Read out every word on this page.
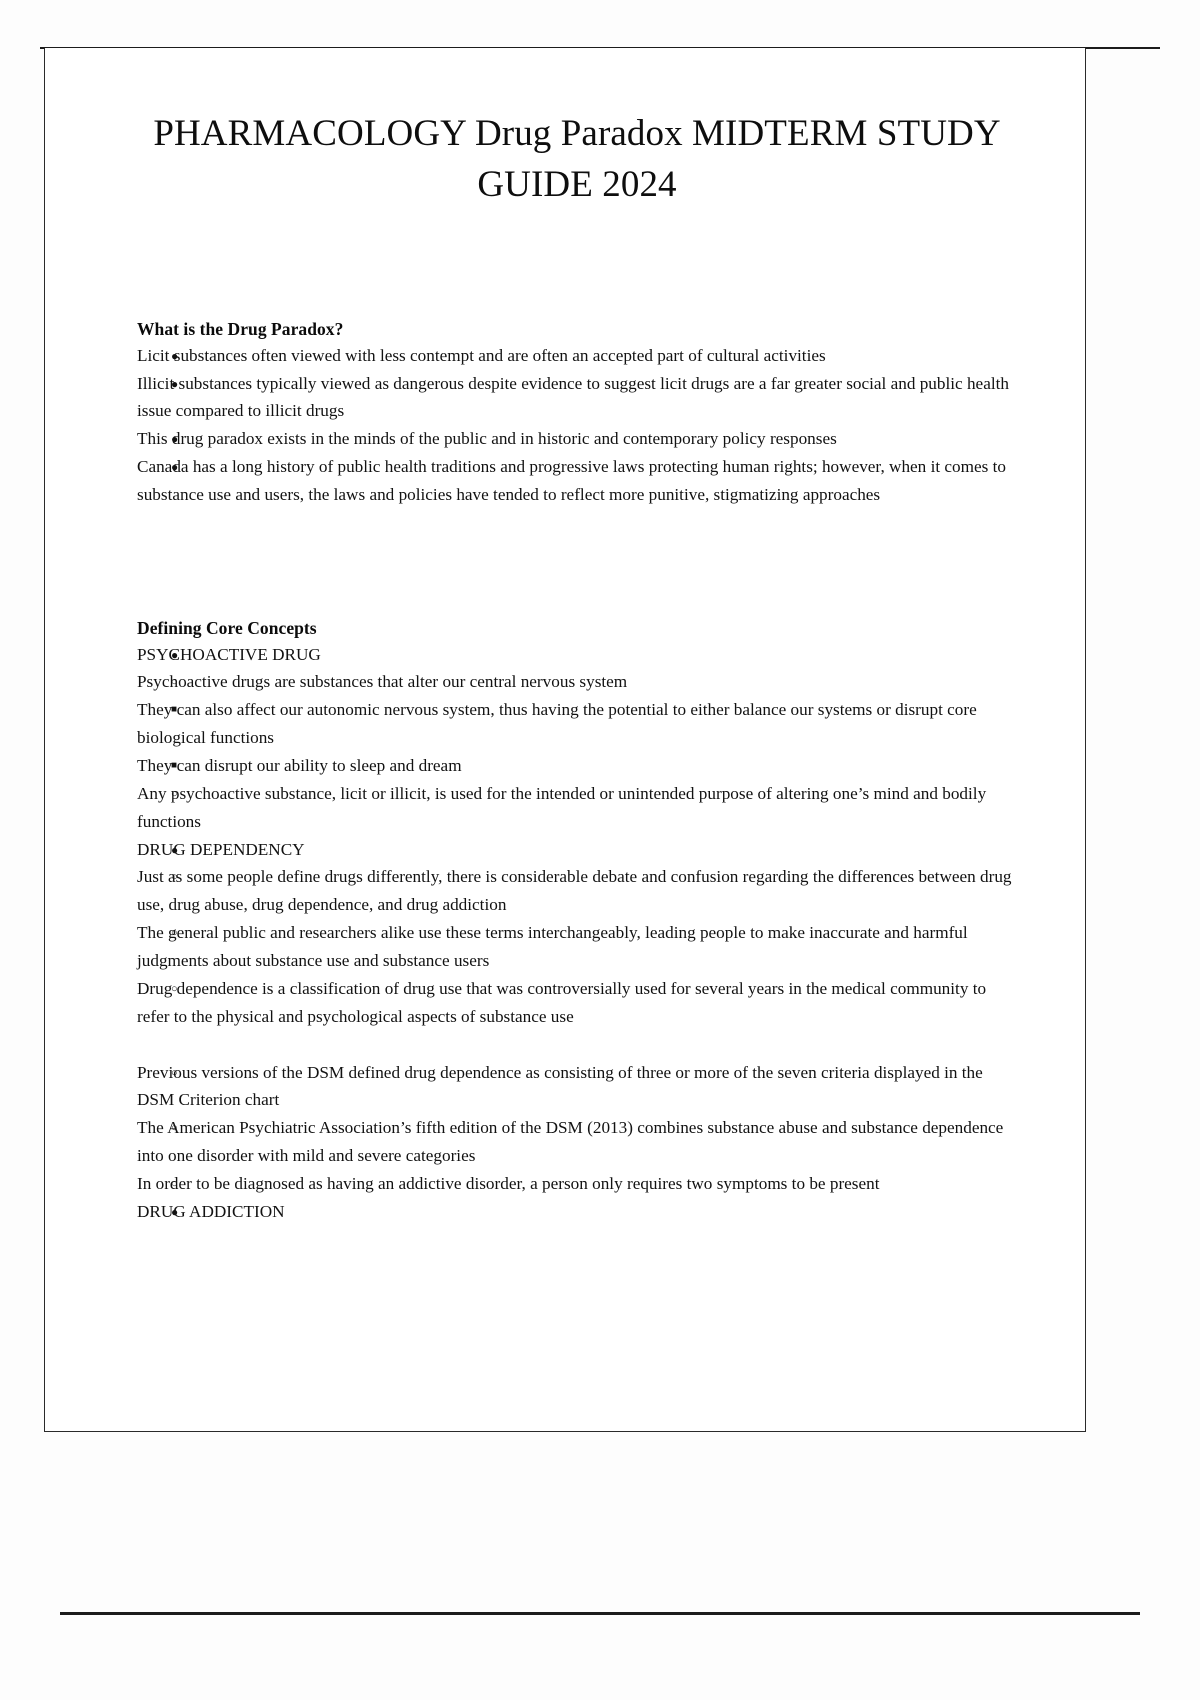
PHARMACOLOGY Drug Paradox MIDTERM STUDY GUIDE 2024
What is the Drug Paradox?
● Licit substances often viewed with less contempt and are often an accepted part of cultural activities
● Illicit substances typically viewed as dangerous despite evidence to suggest licit drugs are a far greater social and public health issue compared to illicit drugs
● This drug paradox exists in the minds of the public and in historic and contemporary policy responses
● Canada has a long history of public health traditions and progressive laws protecting human rights; however, when it comes to substance use and users, the laws and policies have tended to reflect more punitive, stigmatizing approaches
Defining Core Concepts
● PSYCHOACTIVE DRUG
○ Psychoactive drugs are substances that alter our central nervous system
■ They can also affect our autonomic nervous system, thus having the potential to either balance our systems or disrupt core biological functions
■ They can disrupt our ability to sleep and dream
○ Any psychoactive substance, licit or illicit, is used for the intended or unintended purpose of altering one’s mind and bodily functions
● DRUG DEPENDENCY
○ Just as some people define drugs differently, there is considerable debate and confusion regarding the differences between drug use, drug abuse, drug dependence, and drug addiction
○ The general public and researchers alike use these terms interchangeably, leading people to make inaccurate and harmful judgments about substance use and substance users
○ Drug dependence is a classification of drug use that was controversially used for several years in the medical community to refer to the physical and psychological aspects of substance use
○ Previous versions of the DSM defined drug dependence as consisting of three or more of the seven criteria displayed in the DSM Criterion chart
○ The American Psychiatric Association’s fifth edition of the DSM (2013) combines substance abuse and substance dependence into one disorder with mild and severe categories
○ In order to be diagnosed as having an addictive disorder, a person only requires two symptoms to be present
● DRUG ADDICTION
